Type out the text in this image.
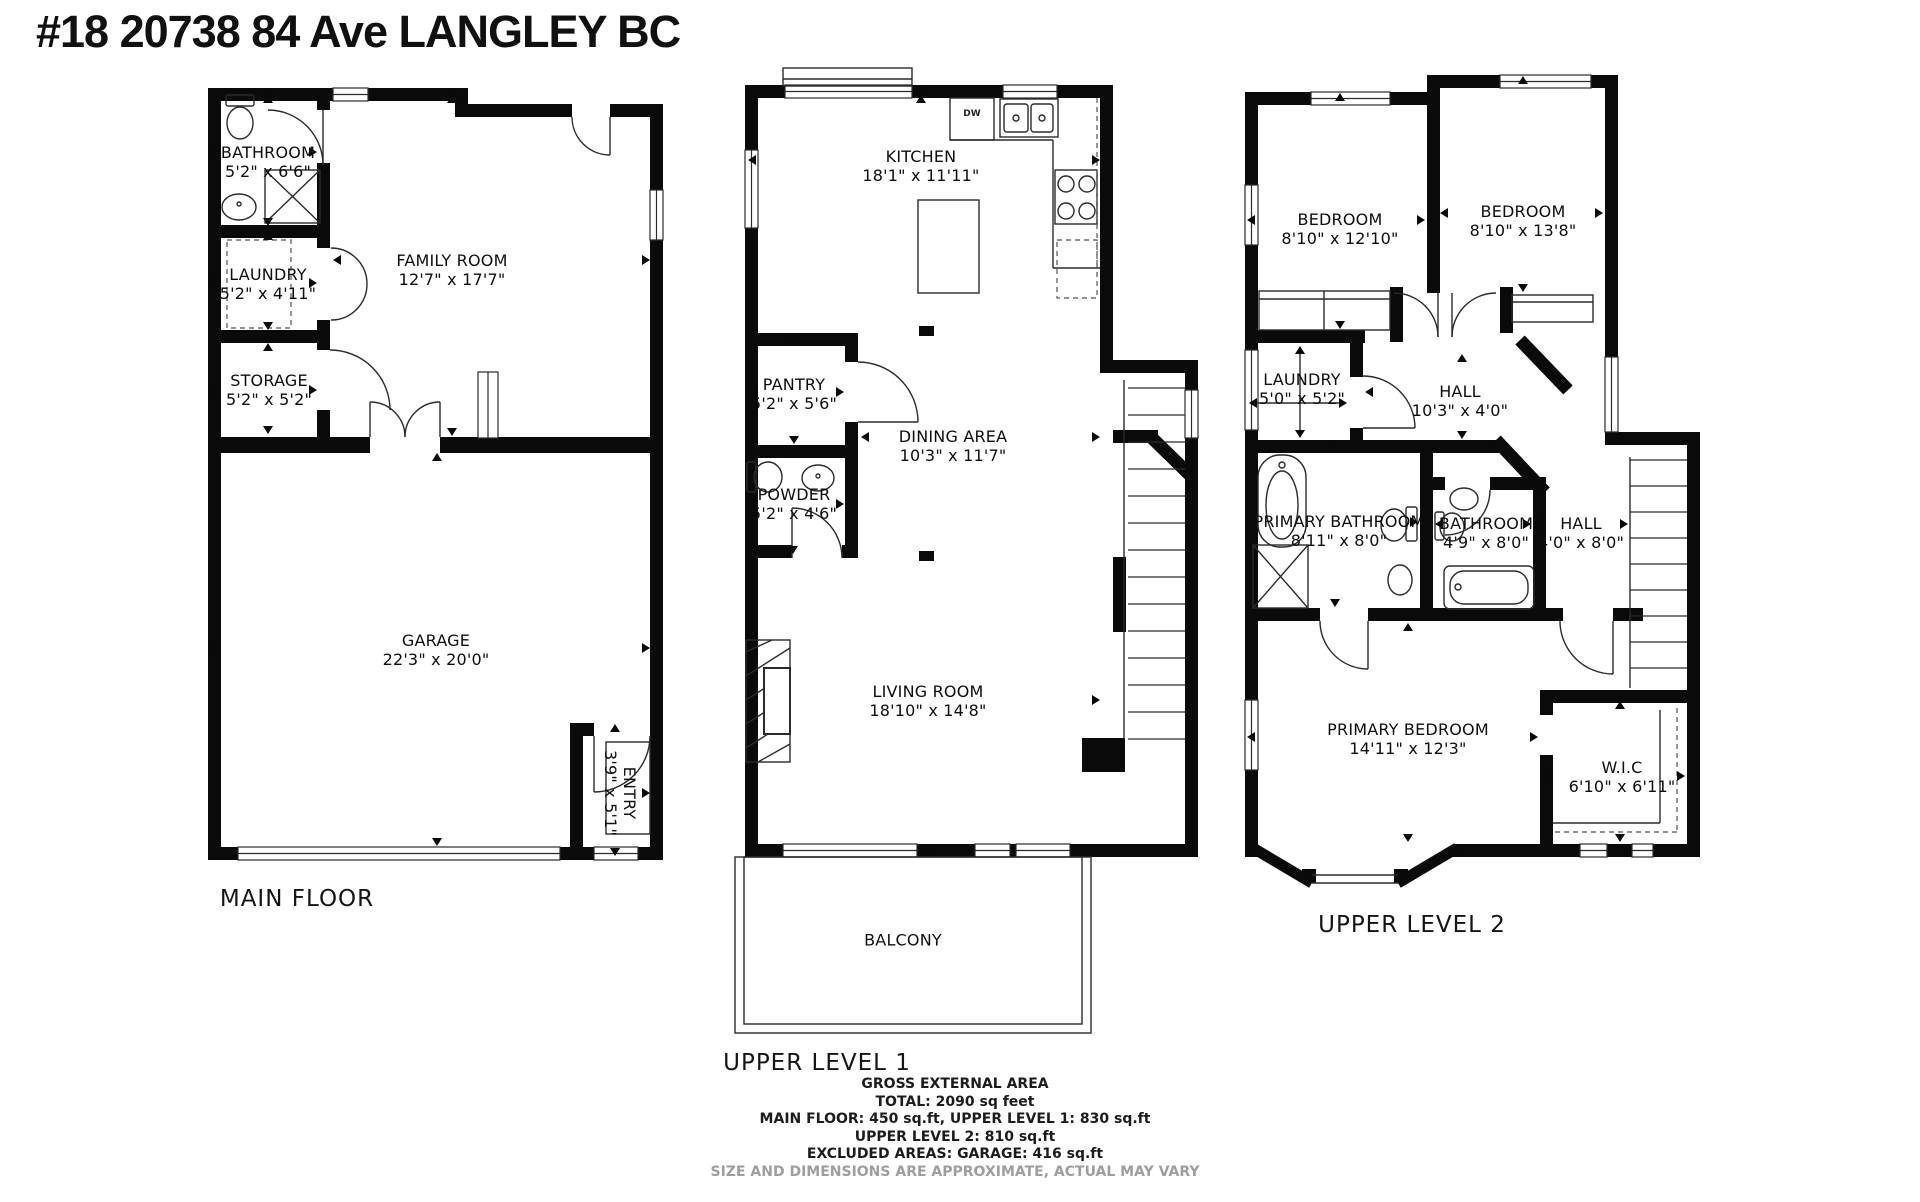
#18 20738 84 Ave LANGLEY BC
BATHROOM
5'2" x 6'6"
LAUNDRY
5'2" x 4'11"
STORAGE
5'2" x 5'2"
FAMILY ROOM
12'7" x 17'7"
GARAGE
22'3" x 20'0"
ENTRY
3'9" x 5'1"
MAIN FLOOR
KITCHEN
18'1" x 11'11"
PANTRY
5'2" x 5'6"
POWDER
5'2" x 4'6"
DINING AREA
10'3" x 11'7"
LIVING ROOM
18'10" x 14'8"
BALCONY
DW
UPPER LEVEL 1
BEDROOM
8'10" x 12'10"
BEDROOM
8'10" x 13'8"
LAUNDRY
5'0" x 5'2"	HALL
10'3" x 4'0"
PRIMARY BATHROOM
8'11" x 8'0"
BATHROOM
4'9" x 8'0"
HALL
4'0" x 8'0"
PRIMARY BEDROOM
14'11" x 12'3"
W.I.C
6'10" x 6'11"
UPPER LEVEL 2
GROSS EXTERNAL AREA
TOTAL: 2090 sq feet
MAIN FLOOR: 450 sq.ft, UPPER LEVEL 1: 830 sq.ft
UPPER LEVEL 2: 810 sq.ft
EXCLUDED AREAS: GARAGE: 416 sq.ft
SIZE AND DIMENSIONS ARE APPROXIMATE, ACTUAL MAY VARY
